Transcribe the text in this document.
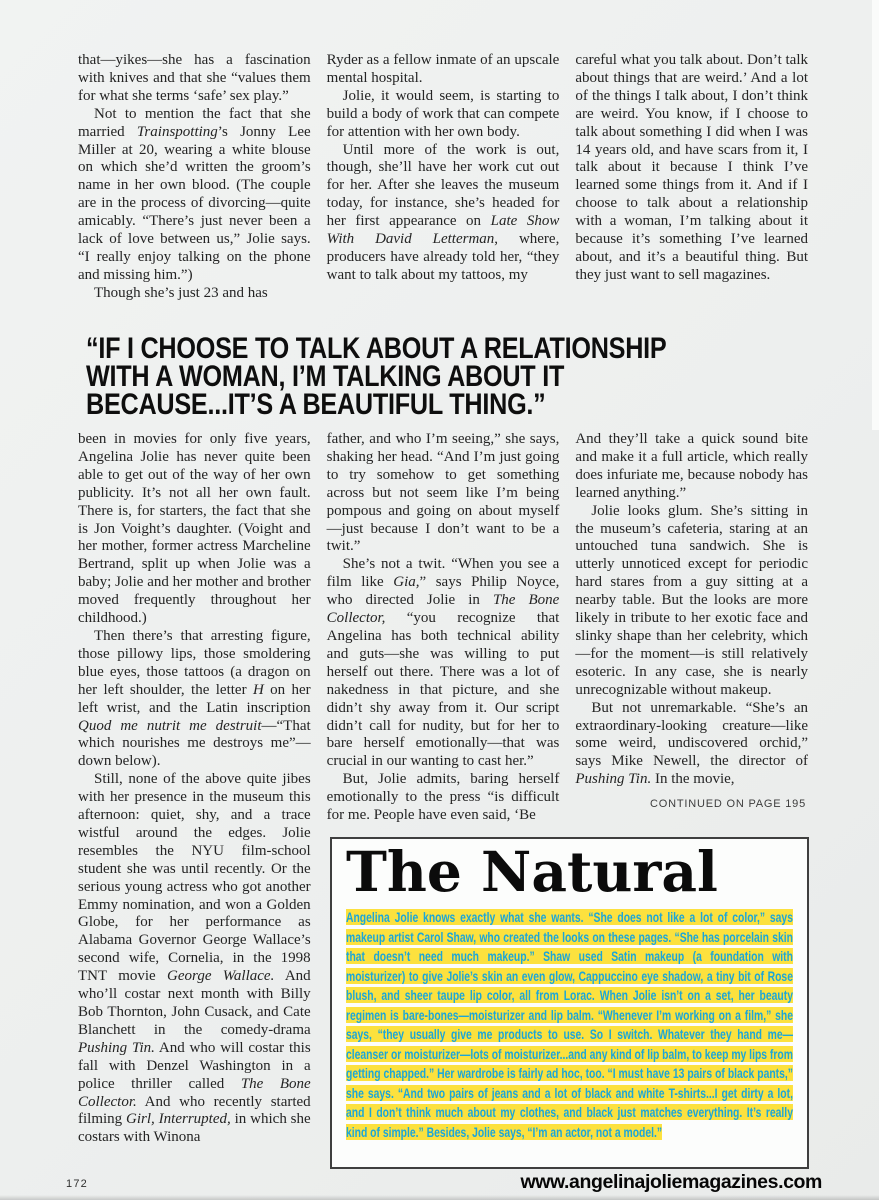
that—yikes—she has a fascination with knives and that she “values them for what she terms ‘safe’ sex play.”

Not to mention the fact that she married Trainspotting’s Jonny Lee Miller at 20, wearing a white blouse on which she’d written the groom’s name in her own blood. (The couple are in the process of divorcing—quite amicably. “There’s just never been a lack of love between us,” Jolie says. “I really enjoy talking on the phone and missing him.”)

Though she’s just 23 and has

Ryder as a fellow inmate of an upscale mental hospital.

Jolie, it would seem, is starting to build a body of work that can compete for attention with her own body.

Until more of the work is out, though, she’ll have her work cut out for her. After she leaves the museum today, for instance, she’s headed for her first appearance on Late Show With David Letterman, where, producers have already told her, “they want to talk about my tattoos, my

careful what you talk about. Don’t talk about things that are weird.’ And a lot of the things I talk about, I don’t think are weird. You know, if I choose to talk about something I did when I was 14 years old, and have scars from it, I talk about it because I think I’ve learned some things from it. And if I choose to talk about a relationship with a woman, I’m talking about it because it’s something I’ve learned about, and it’s a beautiful thing. But they just want to sell magazines.

“IF I CHOOSE TO TALK ABOUT A RELATIONSHIP
WITH A WOMAN, I’M TALKING ABOUT IT
BECAUSE...IT’S A BEAUTIFUL THING.”

been in movies for only five years, Angelina Jolie has never quite been able to get out of the way of her own publicity. It’s not all her own fault. There is, for starters, the fact that she is Jon Voight’s daughter. (Voight and her mother, former actress Marcheline Bertrand, split up when Jolie was a baby; Jolie and her mother and brother moved frequently throughout her childhood.)

Then there’s that arresting figure, those pillowy lips, those smoldering blue eyes, those tattoos (a dragon on her left shoulder, the letter H on her left wrist, and the Latin inscription Quod me nutrit me destruit—“That which nourishes me destroys me”—down below).

Still, none of the above quite jibes with her presence in the museum this afternoon: quiet, shy, and a trace wistful around the edges. Jolie resembles the NYU film-school student she was until recently. Or the serious young actress who got another Emmy nomination, and won a Golden Globe, for her performance as Alabama Governor George Wallace’s second wife, Cornelia, in the 1998 TNT movie George Wallace. And who’ll costar next month with Billy Bob Thornton, John Cusack, and Cate Blanchett in the comedy-drama Pushing Tin. And who will costar this fall with Denzel Washington in a police thriller called The Bone Collector. And who recently started filming Girl, Interrupted, in which she costars with Winona

father, and who I’m seeing,” she says, shaking her head. “And I’m just going to try somehow to get something across but not seem like I’m being pompous and going on about myself—just because I don’t want to be a twit.”

She’s not a twit. “When you see a film like Gia,” says Philip Noyce, who directed Jolie in The Bone Collector, “you recognize that Angelina has both technical ability and guts—she was willing to put herself out there. There was a lot of nakedness in that picture, and she didn’t shy away from it. Our script didn’t call for nudity, but for her to bare herself emotionally—that was crucial in our wanting to cast her.”

But, Jolie admits, baring herself emotionally to the press “is difficult for me. People have even said, ‘Be

And they’ll take a quick sound bite and make it a full article, which really does infuriate me, because nobody has learned anything.”

Jolie looks glum. She’s sitting in the museum’s cafeteria, staring at an untouched tuna sandwich. She is utterly unnoticed except for periodic hard stares from a guy sitting at a nearby table. But the looks are more likely in tribute to her exotic face and slinky shape than her celebrity, which—for the moment—is still relatively esoteric. In any case, she is nearly unrecognizable without makeup.

But not unremarkable. “She’s an extraordinary-looking creature—like some weird, undiscovered orchid,” says Mike Newell, the director of Pushing Tin. In the movie,

CONTINUED ON PAGE 195
The Natural

Angelina Jolie knows exactly what she wants. “She does not like a lot of color,” says makeup artist Carol Shaw, who created the looks on these pages. “She has porcelain skin that doesn’t need much makeup.” Shaw used Satin makeup (a foundation with moisturizer) to give Jolie’s skin an even glow, Cappuccino eye shadow, a tiny bit of Rose blush, and sheer taupe lip color, all from Lorac. When Jolie isn’t on a set, her beauty regimen is bare-bones—moisturizer and lip balm. “Whenever I’m working on a film,” she says, “they usually give me products to use. So I switch. Whatever they hand me—cleanser or moisturizer—lots of moisturizer...and any kind of lip balm, to keep my lips from getting chapped.” Her wardrobe is fairly ad hoc, too. “I must have 13 pairs of black pants,” she says. “And two pairs of jeans and a lot of black and white T-shirts...I get dirty a lot, and I don’t think much about my clothes, and black just matches everything. It’s really kind of simple.” Besides, Jolie says, “I’m an actor, not a model.”

172	www.angelinajoliemagazines.com
